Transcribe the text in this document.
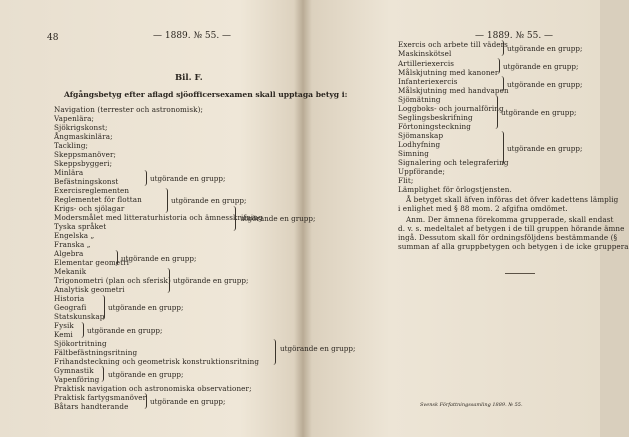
48	— 1889. № 55. —
Bil. F.
Afgångsbetyg efter aflagd sjöofficersexamen skall upptaga betyg i:
Navigation (terrester och astronomisk);
Vapenlära;
Sjökrigskonst;
Ångmaskinlära;
Tackling;
Skeppsmanöver;
Skeppsbyggeri;
Minlära
Befästningskonst
Exercisreglementen
Reglementet för flottan
Krigs- och sjölagar
Modersmålet med litteraturhistoria och ämnesskrifning
Tyska språket
Engelska „
Franska „
Algebra
Elementar geometri
Mekanik
Trigonometri (plan och sferisk)
Analytisk geometri
Historia
Geografi
Statskunskap
Fysik
Kemi
Sjökortritning
Fältbefästningsritning
Frihandsteckning och geometrisk konstruktionsritning
Gymnastik
Vapenföring
Praktisk navigation och astronomiska observationer;
Praktisk fartygsmanöver
Båtars handterande
utgörande en grupp;
utgörande en grupp;
utgörande en grupp;
utgörande en grupp;
utgörande en grupp;
utgörande en grupp;
utgörande en grupp;
utgörande en grupp;
utgörande en grupp;
utgörande en grupp;
— 1889. № 55. —
Exercis och arbete till väders
Maskinskötsel
Artilleriexercis
Målskjutning med kanoner
Infanteriexercis
Målskjutning med handvapen
Sjömätning
Loggboks- och journalföring
Seglingsbeskrifning
Förtoningsteckning
Sjömanskap
Lodhyfning
Simning
Signalering och telegrafering
Uppförande;
Flit;
Lämplighet för örlogstjensten.
utgörande en grupp;
utgörande en grupp;
utgörande en grupp;
utgörande en grupp;
utgörande en grupp;
Å betyget skall äfven införas det öfver kadettens lämplig
i enlighet med § 88 mom. 2 afgifna omdömet.
Anm. Der ämnena förekomma grupperade, skall endast
d. v. s. medeltalet af betygen i de till gruppen hörande ämne
ingå. Dessutom skall för ordningsföljdens bestämmande (§
summan af alla gruppbetygen och betygen i de icke gruppera
Svensk Författningssamling 1889. № 55.
